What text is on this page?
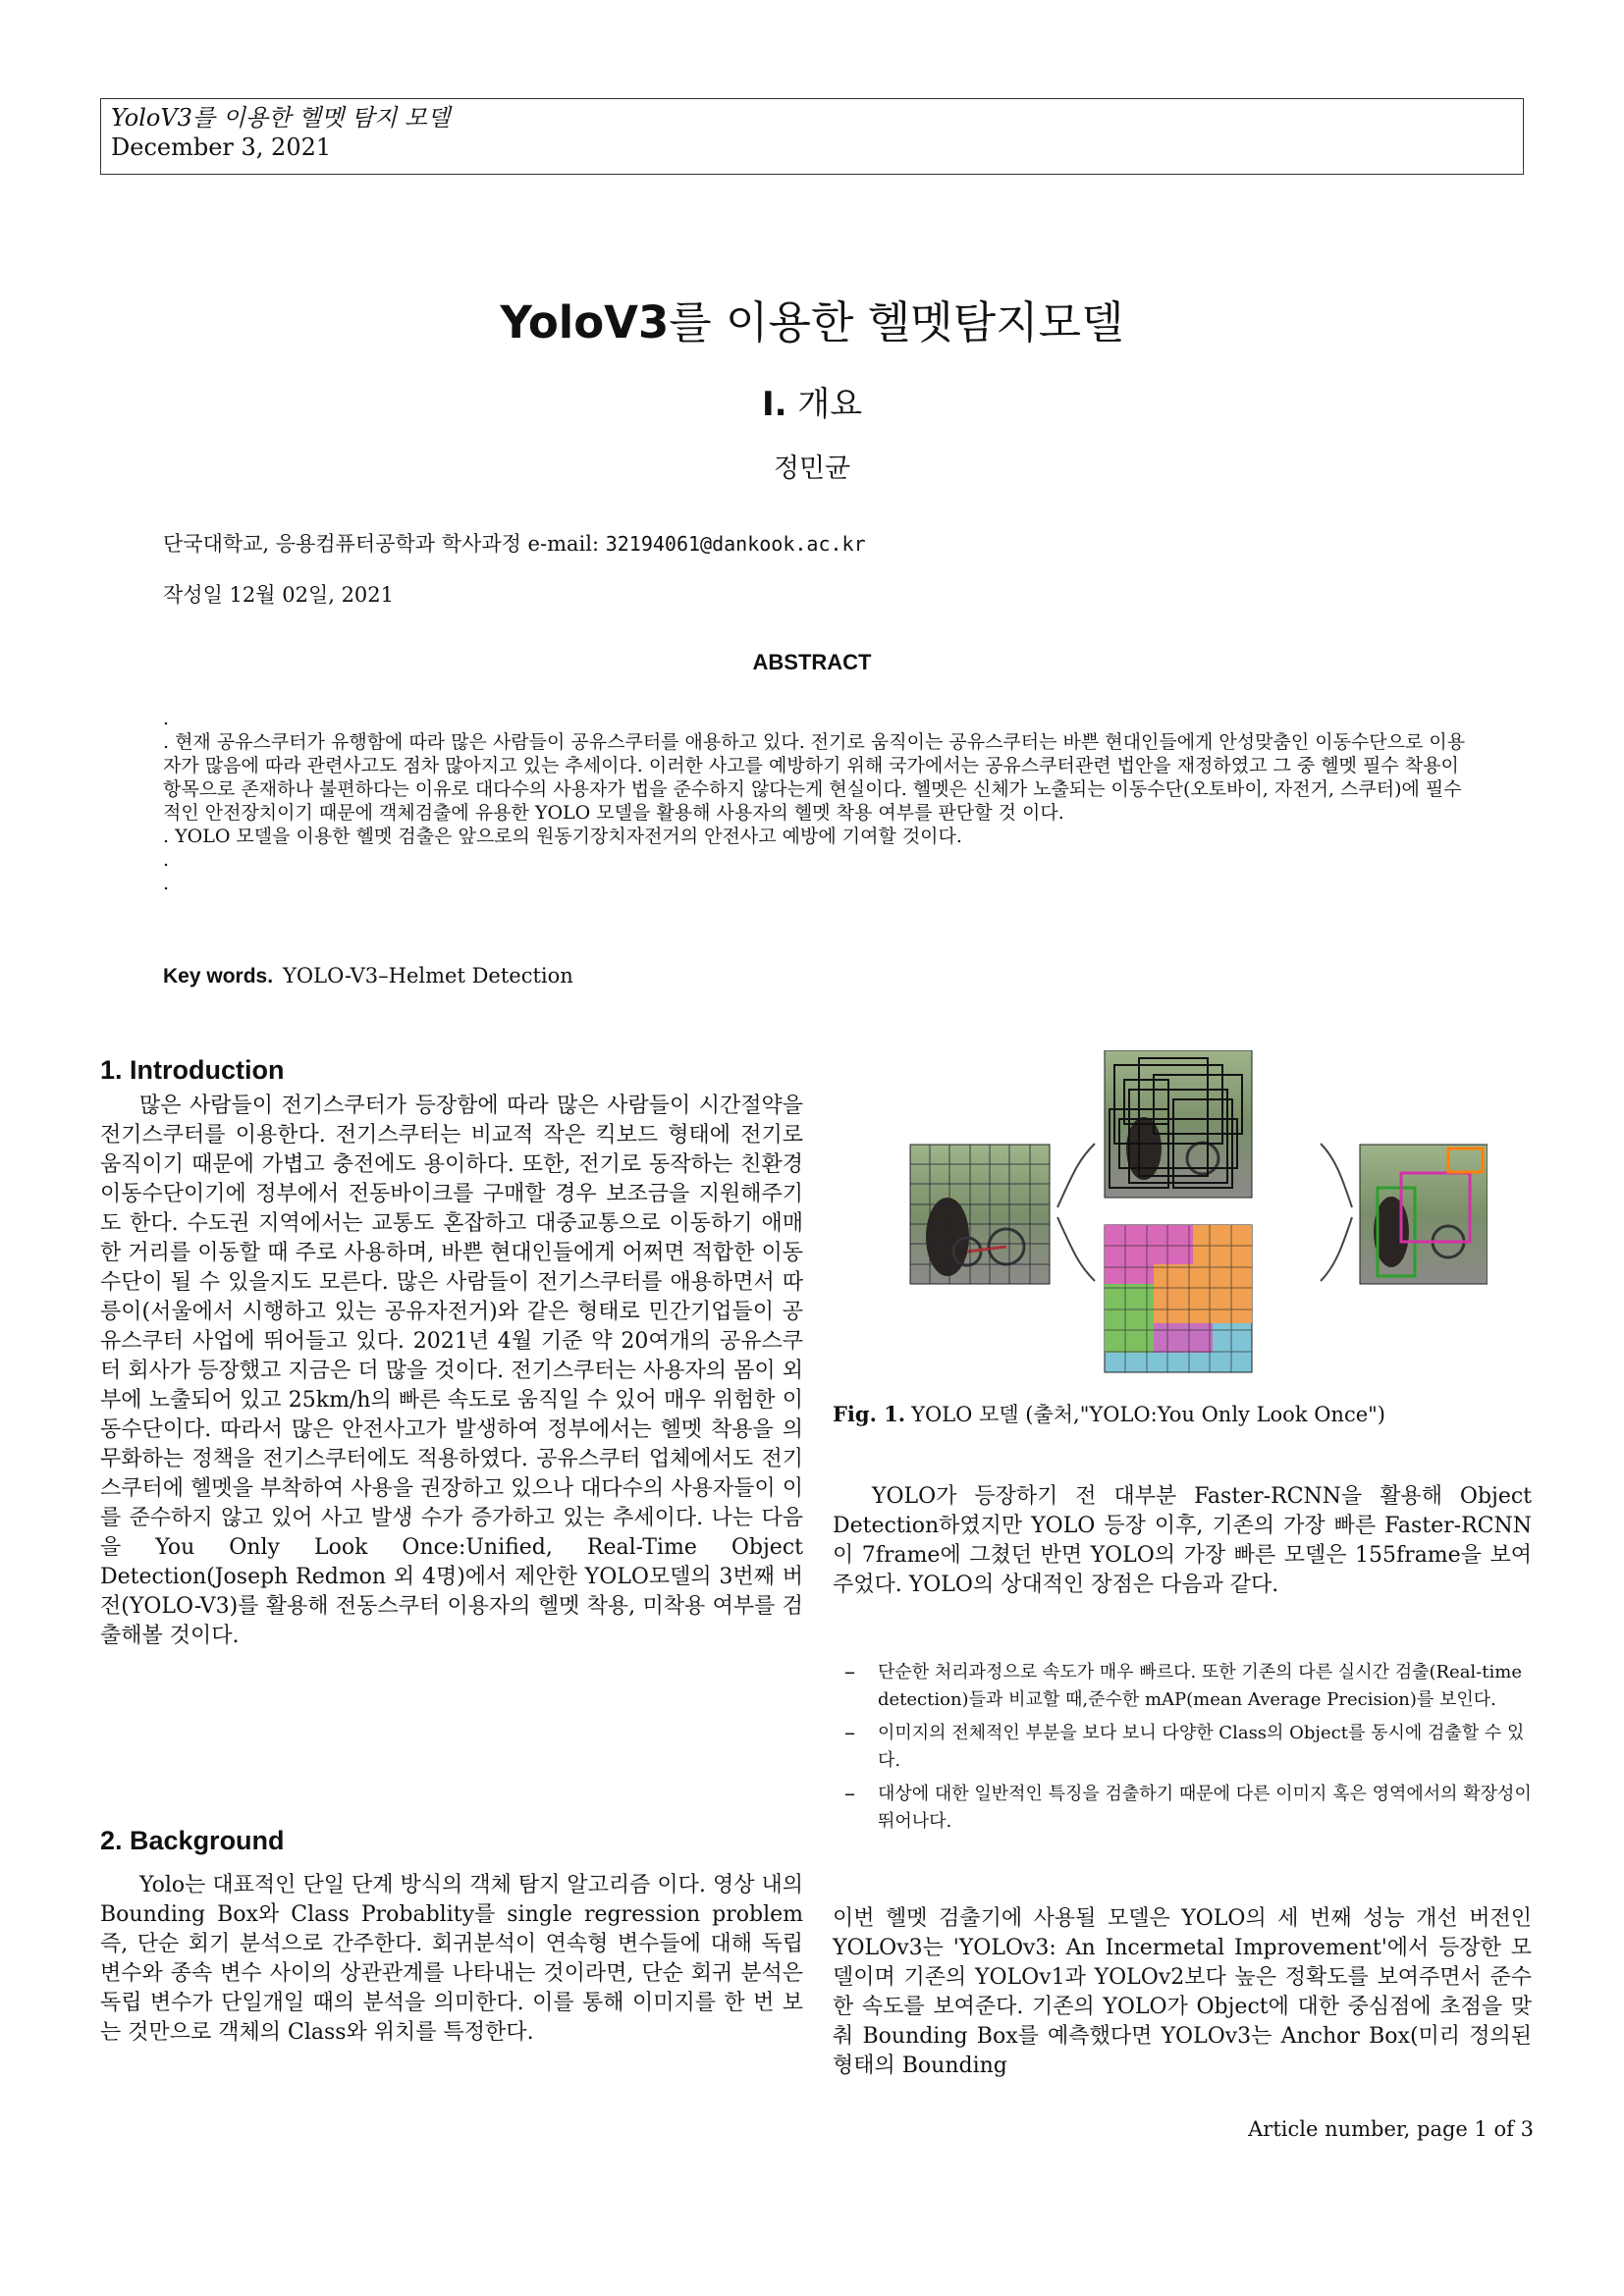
YoloV3를 이용한 헬멧 탐지 모델
December 3, 2021
YoloV3를 이용한 헬멧탐지모델
I. 개요
정민균
단국대학교, 응용컴퓨터공학과 학사과정 e-mail: 32194061@dankook.ac.kr
작성일 12월 02일, 2021
ABSTRACT

.

. 현재 공유스쿠터가 유행함에 따라 많은 사람들이 공유스쿠터를 애용하고 있다. 전기로 움직이는 공유스쿠터는 바쁜 현대인들에게 안성맞춤인 이동수단으로 이용자가 많음에 따라 관련사고도 점차 많아지고 있는 추세이다. 이러한 사고를 예방하기 위해 국가에서는 공유스쿠터관련 법안을 재정하였고 그 중 헬멧 필수 착용이 항목으로 존재하나 불편하다는 이유로 대다수의 사용자가 법을 준수하지 않다는게 현실이다. 헬멧은 신체가 노출되는 이동수단(오토바이, 자전거, 스쿠터)에 필수적인 안전장치이기 때문에 객체검출에 유용한 YOLO 모델을 활용해 사용자의 헬멧 착용 여부를 판단할 것 이다.

. YOLO 모델을 이용한 헬멧 검출은 앞으로의 원동기장치자전거의 안전사고 예방에 기여할 것이다.

.

.

Key words. YOLO-V3–Helmet Detection
1. Introduction

많은 사람들이 전기스쿠터가 등장함에 따라 많은 사람들이 시간절약을 전기스쿠터를 이용한다. 전기스쿠터는 비교적 작은 킥보드 형태에 전기로 움직이기 때문에 가볍고 충전에도 용이하다. 또한, 전기로 동작하는 친환경 이동수단이기에 정부에서 전동바이크를 구매할 경우 보조금을 지원해주기도 한다. 수도권 지역에서는 교통도 혼잡하고 대중교통으로 이동하기 애매한 거리를 이동할 때 주로 사용하며, 바쁜 현대인들에게 어쩌면 적합한 이동수단이 될 수 있을지도 모른다. 많은 사람들이 전기스쿠터를 애용하면서 따릉이(서울에서 시행하고 있는 공유자전거)와 같은 형태로 민간기업들이 공유스쿠터 사업에 뛰어들고 있다. 2021년 4월 기준 약 20여개의 공유스쿠터 회사가 등장했고 지금은 더 많을 것이다. 전기스쿠터는 사용자의 몸이 외부에 노출되어 있고 25km/h의 빠른 속도로 움직일 수 있어 매우 위험한 이동수단이다. 따라서 많은 안전사고가 발생하여 정부에서는 헬멧 착용을 의무화하는 정책을 전기스쿠터에도 적용하였다. 공유스쿠터 업체에서도 전기스쿠터에 헬멧을 부착하여 사용을 권장하고 있으나 대다수의 사용자들이 이를 준수하지 않고 있어 사고 발생 수가 증가하고 있는 추세이다. 나는 다음을 You Only Look Once:Unified, Real-Time Object Detection(Joseph Redmon 외 4명)에서 제안한 YOLO모델의 3번째 버전(YOLO-V3)를 활용해 전동스쿠터 이용자의 헬멧 착용, 미착용 여부를 검출해볼 것이다.

2. Background

Yolo는 대표적인 단일 단계 방식의 객체 탐지 알고리즘 이다. 영상 내의 Bounding Box와 Class Probablity를 single regression problem 즉, 단순 회기 분석으로 간주한다. 회귀분석이 연속형 변수들에 대해 독립 변수와 종속 변수 사이의 상관관계를 나타내는 것이라면, 단순 회귀 분석은 독립 변수가 단일개일 때의 분석을 의미한다. 이를 통해 이미지를 한 번 보는 것만으로 객체의 Class와 위치를 특정한다.

Fig. 1. YOLO 모델 (출처,"YOLO:You Only Look Once")

YOLO가 등장하기 전 대부분 Faster-RCNN을 활용해 Object Detection하였지만 YOLO 등장 이후, 기존의 가장 빠른 Faster-RCNN이 7frame에 그쳤던 반면 YOLO의 가장 빠른 모델은 155frame을 보여주었다. YOLO의 상대적인 장점은 다음과 같다.

– 단순한 처리과정으로 속도가 매우 빠르다. 또한 기존의 다른 실시간 검출(Real-time detection)들과 비교할 때,준수한 mAP(mean Average Precision)를 보인다.
– 이미지의 전체적인 부분을 보다 보니 다양한 Class의 Object를 동시에 검출할 수 있다.
– 대상에 대한 일반적인 특징을 검출하기 때문에 다른 이미지 혹은 영역에서의 확장성이 뛰어나다.

이번 헬멧 검출기에 사용될 모델은 YOLO의 세 번째 성능 개선 버전인 YOLOv3는 'YOLOv3: An Incermetal Improvement'에서 등장한 모델이며 기존의 YOLOv1과 YOLOv2보다 높은 정확도를 보여주면서 준수한 속도를 보여준다. 기존의 YOLO가 Object에 대한 중심점에 초점을 맞춰 Bounding Box를 예측했다면 YOLOv3는 Anchor Box(미리 정의된 형태의 Bounding

Article number, page 1 of 3
